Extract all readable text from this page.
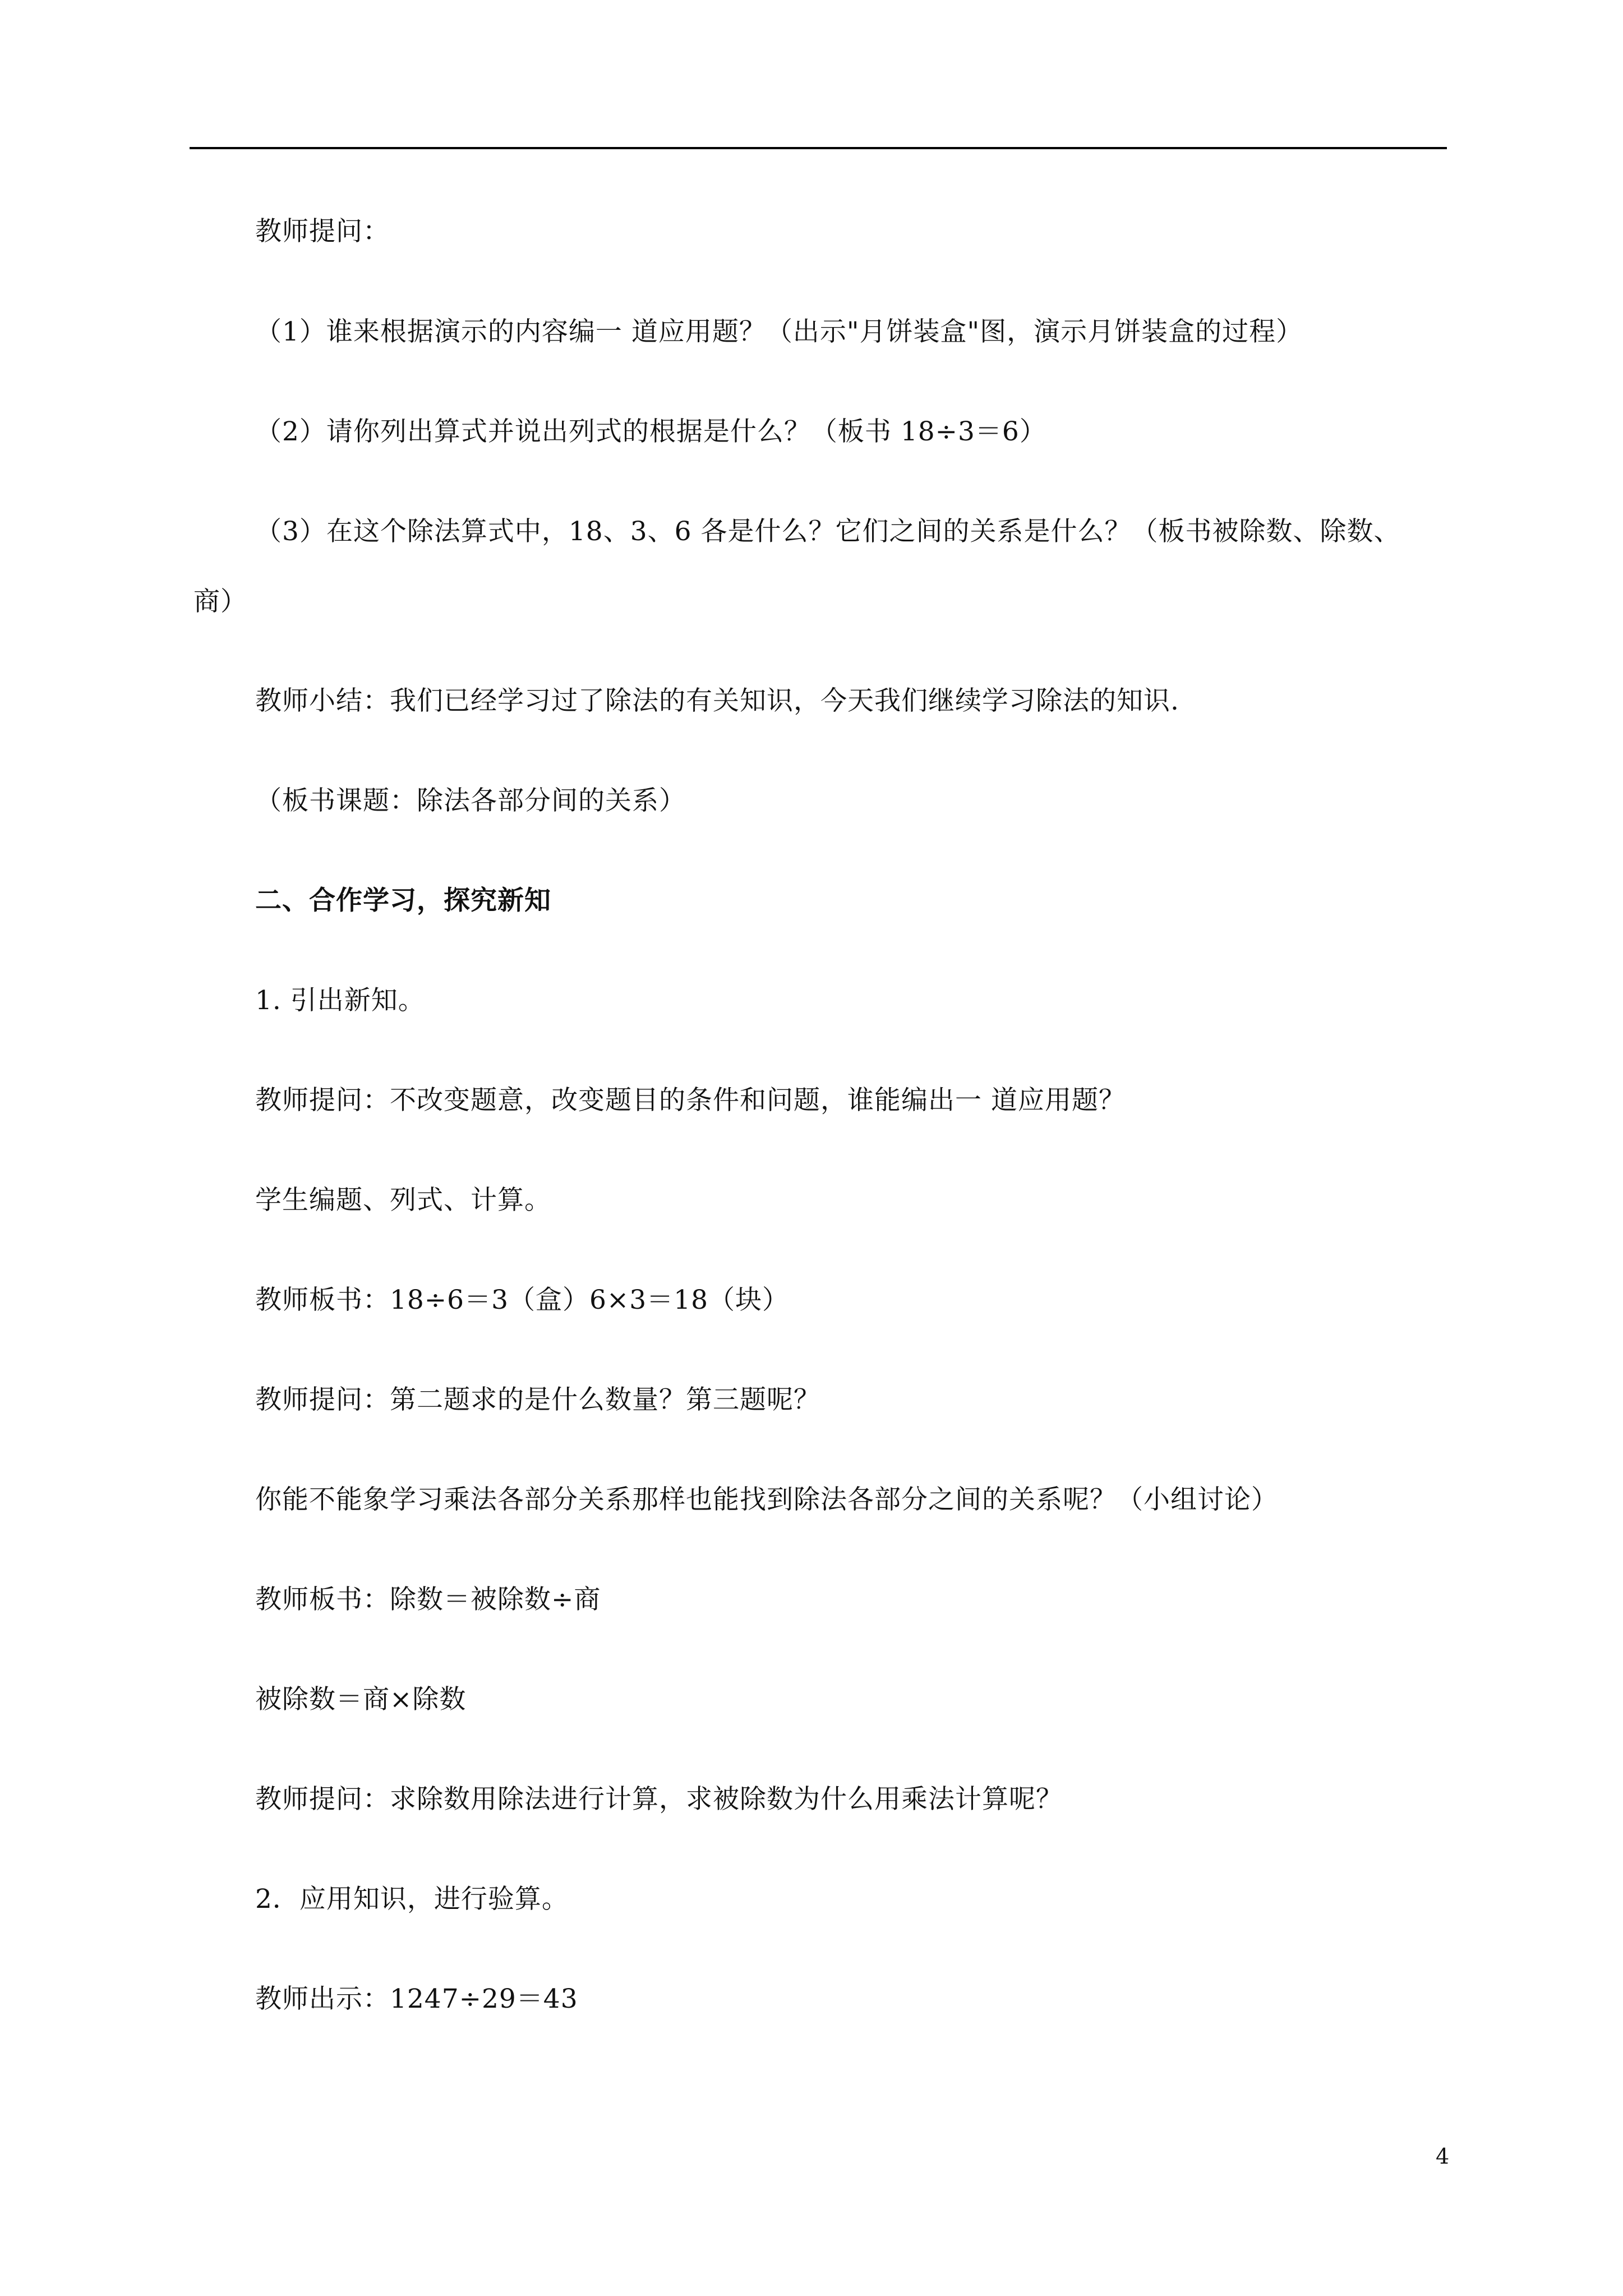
教师提问：
（1）谁来根据演示的内容编一 道应用题？（出示"月饼装盒"图，演示月饼装盒的过程）
（2）请你列出算式并说出列式的根据是什么？（板书 18÷3＝6）
（3）在这个除法算式中，18、3、6 各是什么？它们之间的关系是什么？（板书被除数、除数、
商）
教师小结：我们已经学习过了除法的有关知识，今天我们继续学习除法的知识.
（板书课题：除法各部分间的关系）
二、合作学习，探究新知
1. 引出新知。
教师提问：不改变题意，改变题目的条件和问题，谁能编出一 道应用题？
学生编题、列式、计算。
教师板书：18÷6＝3（盒）6×3＝18（块）
教师提问：第二题求的是什么数量？第三题呢？
你能不能象学习乘法各部分关系那样也能找到除法各部分之间的关系呢？（小组讨论）
教师板书：除数＝被除数÷商
被除数＝商×除数
教师提问：求除数用除法进行计算，求被除数为什么用乘法计算呢？
2．应用知识，进行验算。
教师出示：1247÷29＝43
4
